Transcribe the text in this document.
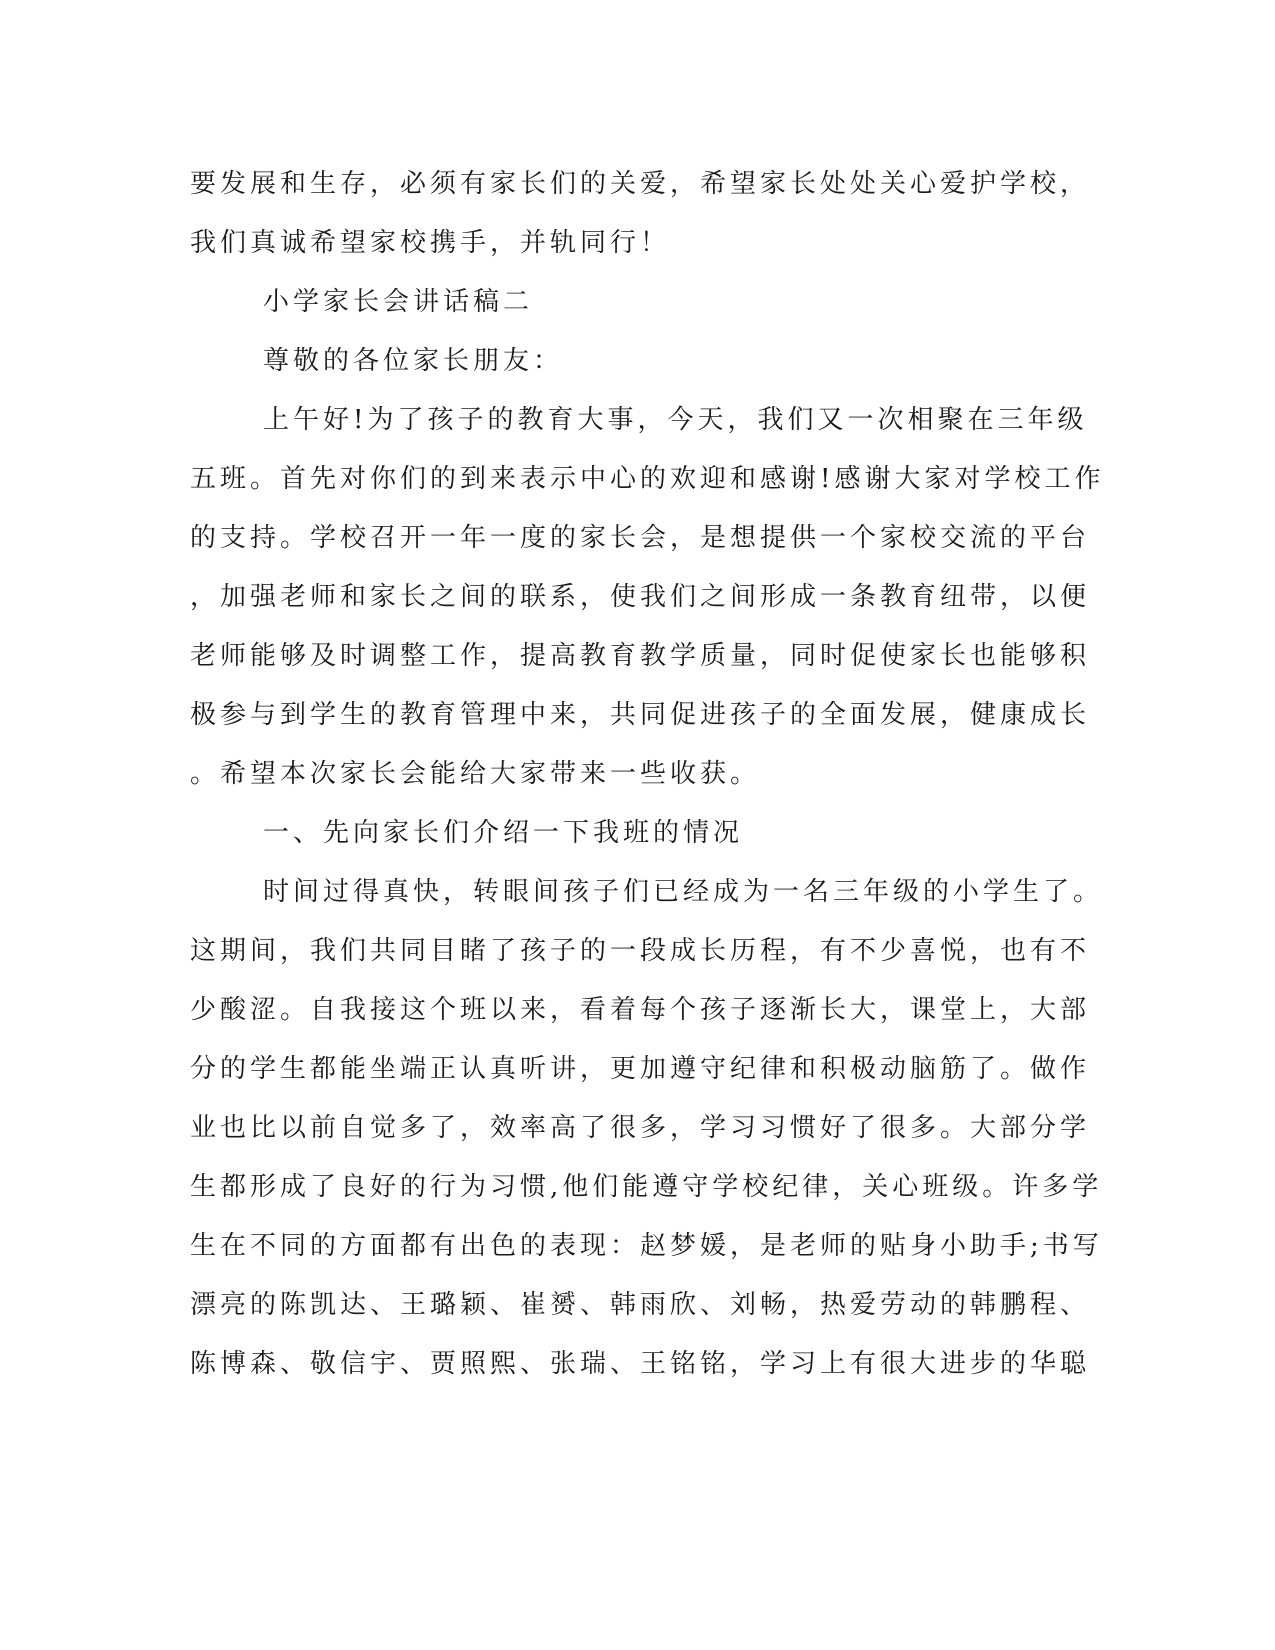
要发展和生存，必须有家长们的关爱，希望家长处处关心爱护学校，
我们真诚希望家校携手，并轨同行！
小学家长会讲话稿二
尊敬的各位家长朋友：
上午好!为了孩子的教育大事，今天，我们又一次相聚在三年级
五班。首先对你们的到来表示中心的欢迎和感谢!感谢大家对学校工作
的支持。学校召开一年一度的家长会，是想提供一个家校交流的平台
，加强老师和家长之间的联系，使我们之间形成一条教育纽带，以便
老师能够及时调整工作，提高教育教学质量，同时促使家长也能够积
极参与到学生的教育管理中来，共同促进孩子的全面发展，健康成长
。希望本次家长会能给大家带来一些收获。
一、先向家长们介绍一下我班的情况
时间过得真快，转眼间孩子们已经成为一名三年级的小学生了。
这期间，我们共同目睹了孩子的一段成长历程，有不少喜悦，也有不
少酸涩。自我接这个班以来，看着每个孩子逐渐长大，课堂上，大部
分的学生都能坐端正认真听讲，更加遵守纪律和积极动脑筋了。做作
业也比以前自觉多了，效率高了很多，学习习惯好了很多。大部分学
生都形成了良好的行为习惯,他们能遵守学校纪律，关心班级。许多学
生在不同的方面都有出色的表现：赵梦媛，是老师的贴身小助手;书写
漂亮的陈凯达、王璐颖、崔赟、韩雨欣、刘畅，热爱劳动的韩鹏程、
陈博森、敬信宇、贾照熙、张瑞、王铭铭，学习上有很大进步的华聪
